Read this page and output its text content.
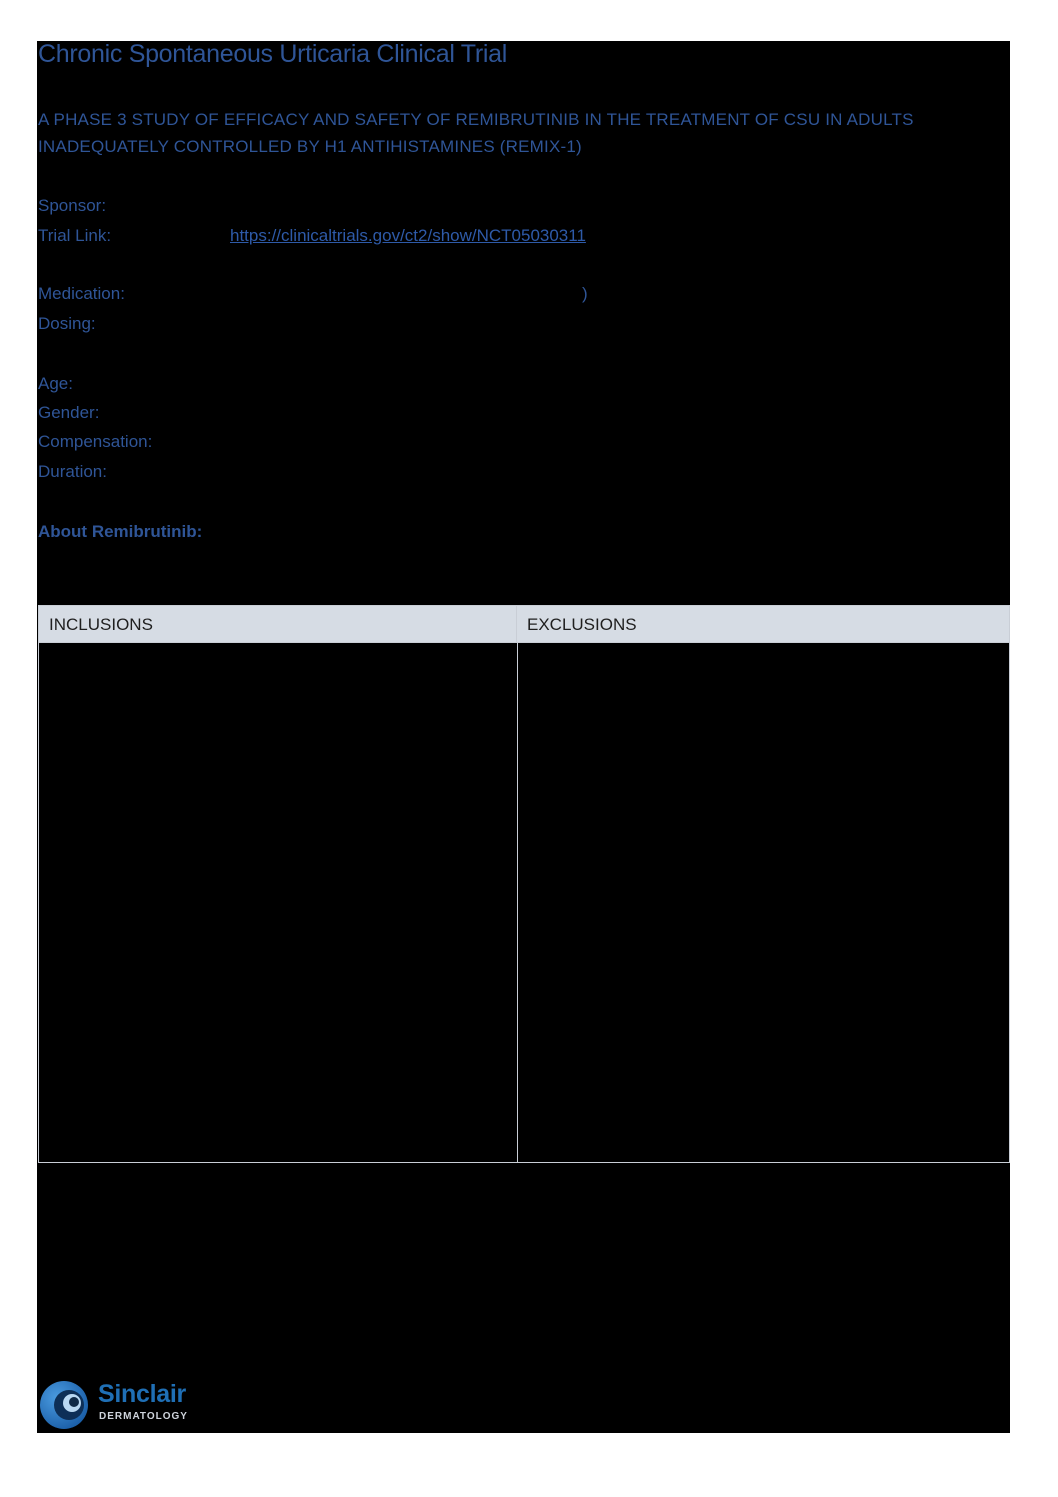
Chronic Spontaneous Urticaria Clinical Trial
A PHASE 3 STUDY OF EFFICACY AND SAFETY OF REMIBRUTINIB IN THE TREATMENT OF CSU IN ADULTS INADEQUATELY CONTROLLED BY H1 ANTIHISTAMINES (REMIX-1)
Sponsor:
Trial Link:	https://clinicaltrials.gov/ct2/show/NCT05030311
Medication:	)
Dosing:
Age:
Gender:
Compensation:
Duration:
About Remibrutinib:
INCLUSIONS	EXCLUSIONS
Sinclair
DERMATOLOGY
